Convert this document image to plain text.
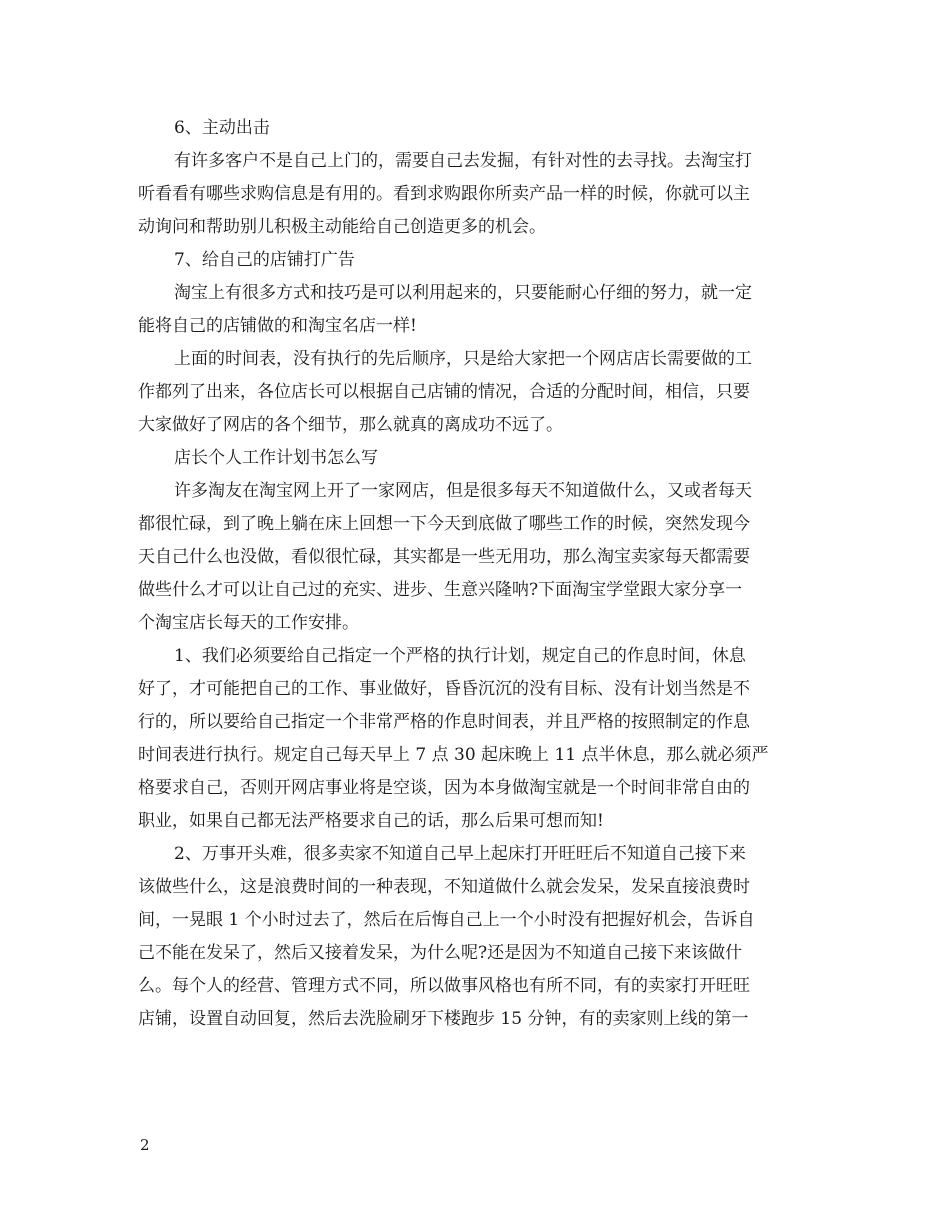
6、主动出击
有许多客户不是自己上门的，需要自己去发掘，有针对性的去寻找。去淘宝打
听看看有哪些求购信息是有用的。看到求购跟你所卖产品一样的时候，你就可以主
动询问和帮助别儿积极主动能给自己创造更多的机会。
7、给自己的店铺打广告
淘宝上有很多方式和技巧是可以利用起来的，只要能耐心仔细的努力，就一定
能将自己的店铺做的和淘宝名店一样!
上面的时间表，没有执行的先后顺序，只是给大家把一个网店店长需要做的工
作都列了出来，各位店长可以根据自己店铺的情况，合适的分配时间，相信，只要
大家做好了网店的各个细节，那么就真的离成功不远了。
店长个人工作计划书怎么写
许多淘友在淘宝网上开了一家网店，但是很多每天不知道做什么，又或者每天
都很忙碌，到了晚上躺在床上回想一下今天到底做了哪些工作的时候，突然发现今
天自己什么也没做，看似很忙碌，其实都是一些无用功，那么淘宝卖家每天都需要
做些什么才可以让自己过的充实、进步、生意兴隆呐?下面淘宝学堂跟大家分享一
个淘宝店长每天的工作安排。
1、我们必须要给自己指定一个严格的执行计划，规定自己的作息时间，休息
好了，才可能把自己的工作、事业做好，昏昏沉沉的没有目标、没有计划当然是不
行的，所以要给自己指定一个非常严格的作息时间表，并且严格的按照制定的作息
时间表进行执行。规定自己每天早上 7 点 30 起床晚上 11 点半休息，那么就必须严
格要求自己，否则开网店事业将是空谈，因为本身做淘宝就是一个时间非常自由的
职业，如果自己都无法严格要求自己的话，那么后果可想而知!
2、万事开头难，很多卖家不知道自己早上起床打开旺旺后不知道自己接下来
该做些什么，这是浪费时间的一种表现，不知道做什么就会发呆，发呆直接浪费时
间，一晃眼 1 个小时过去了，然后在后悔自己上一个小时没有把握好机会，告诉自
己不能在发呆了，然后又接着发呆，为什么呢?还是因为不知道自己接下来该做什
么。每个人的经营、管理方式不同，所以做事风格也有所不同，有的卖家打开旺旺
店铺，设置自动回复，然后去洗脸刷牙下楼跑步 15 分钟，有的卖家则上线的第一
2
